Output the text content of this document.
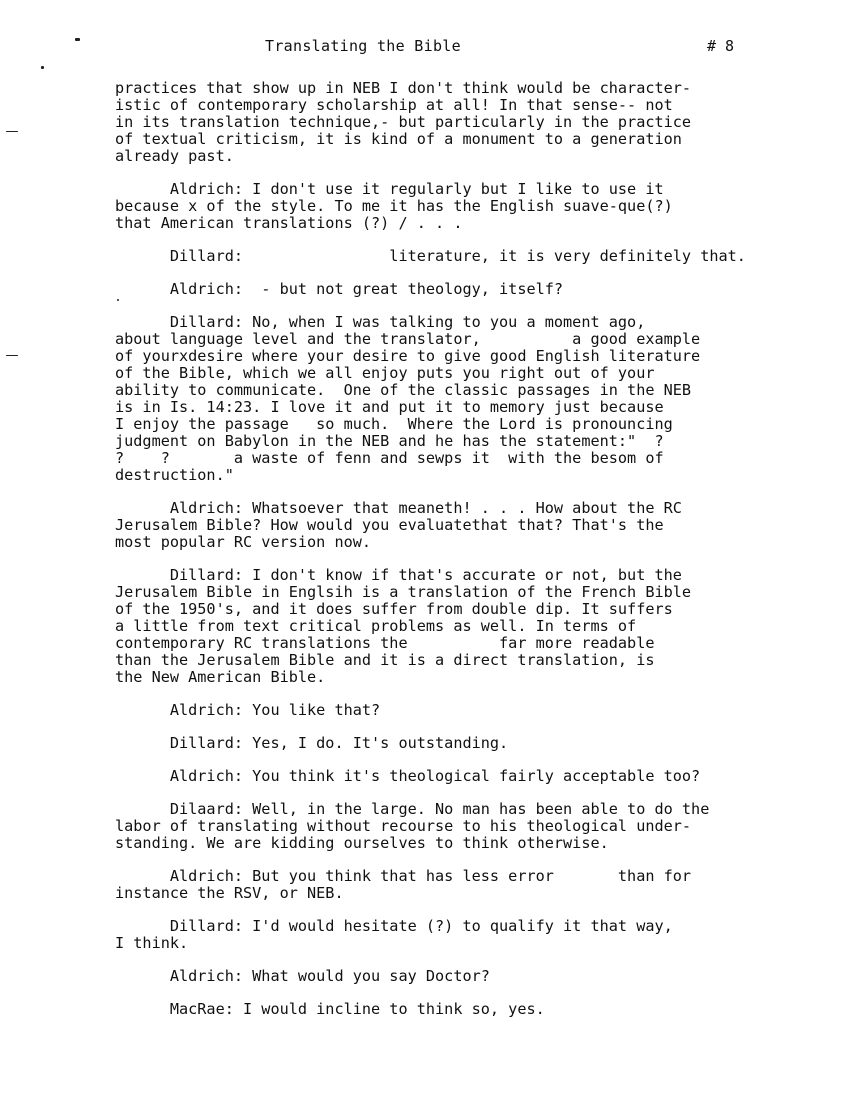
Translating the Bible	# 8

practices that show up in NEB I don't think would be character-
istic of contemporary scholarship at all! In that sense-- not
in its translation technique,- but particularly in the practice
of textual criticism, it is kind of a monument to a generation
already past.

Aldrich: I don't use it regularly but I like to use it
because x of the style. To me it has the English suave-que(?)
that American translations (?) / . . .

Dillard:                literature, it is very definitely that.

Aldrich:  - but not great theology, itself?

Dillard: No, when I was talking to you a moment ago,
about language level and the translator,          a good example
of yourxdesire where your desire to give good English literature
of the Bible, which we all enjoy puts you right out of your
ability to communicate.  One of the classic passages in the NEB
is in Is. 14:23. I love it and put it to memory just because
I enjoy the passage   so much.  Where the Lord is pronouncing
judgment on Babylon in the NEB and he has the statement:"  ?
?    ?       a waste of fenn and sewps it  with the besom of
destruction."

Aldrich: Whatsoever that meaneth! . . . How about the RC
Jerusalem Bible? How would you evaluatethat that? That's the
most popular RC version now.

Dillard: I don't know if that's accurate or not, but the
Jerusalem Bible in Englsih is a translation of the French Bible
of the 1950's, and it does suffer from double dip. It suffers
a little from text critical problems as well. In terms of
contemporary RC translations the          far more readable
than the Jerusalem Bible and it is a direct translation, is
the New American Bible.

Aldrich: You like that?

Dillard: Yes, I do. It's outstanding.

Aldrich: You think it's theological fairly acceptable too?

Dilaard: Well, in the large. No man has been able to do the
labor of translating without recourse to his theological under-
standing. We are kidding ourselves to think otherwise.

Aldrich: But you think that has less error       than for
instance the RSV, or NEB.

Dillard: I'd would hesitate (?) to qualify it that way,
I think.

Aldrich: What would you say Doctor?

MacRae: I would incline to think so, yes.
